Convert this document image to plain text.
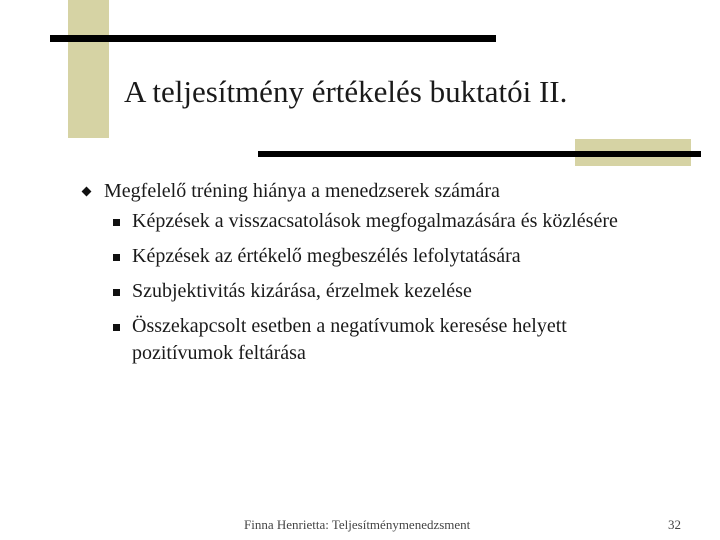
A teljesítmény értékelés buktatói II.
Megfelelő tréning hiánya a menedzserek számára
Képzések a visszacsatolások megfogalmazására és közlésére
Képzések az értékelő megbeszélés lefolytatására
Szubjektivitás kizárása, érzelmek kezelése
Összekapcsolt esetben a negatívumok keresése helyett pozitívumok feltárása
Finna Henrietta: Teljesítménymenedzsment	32
